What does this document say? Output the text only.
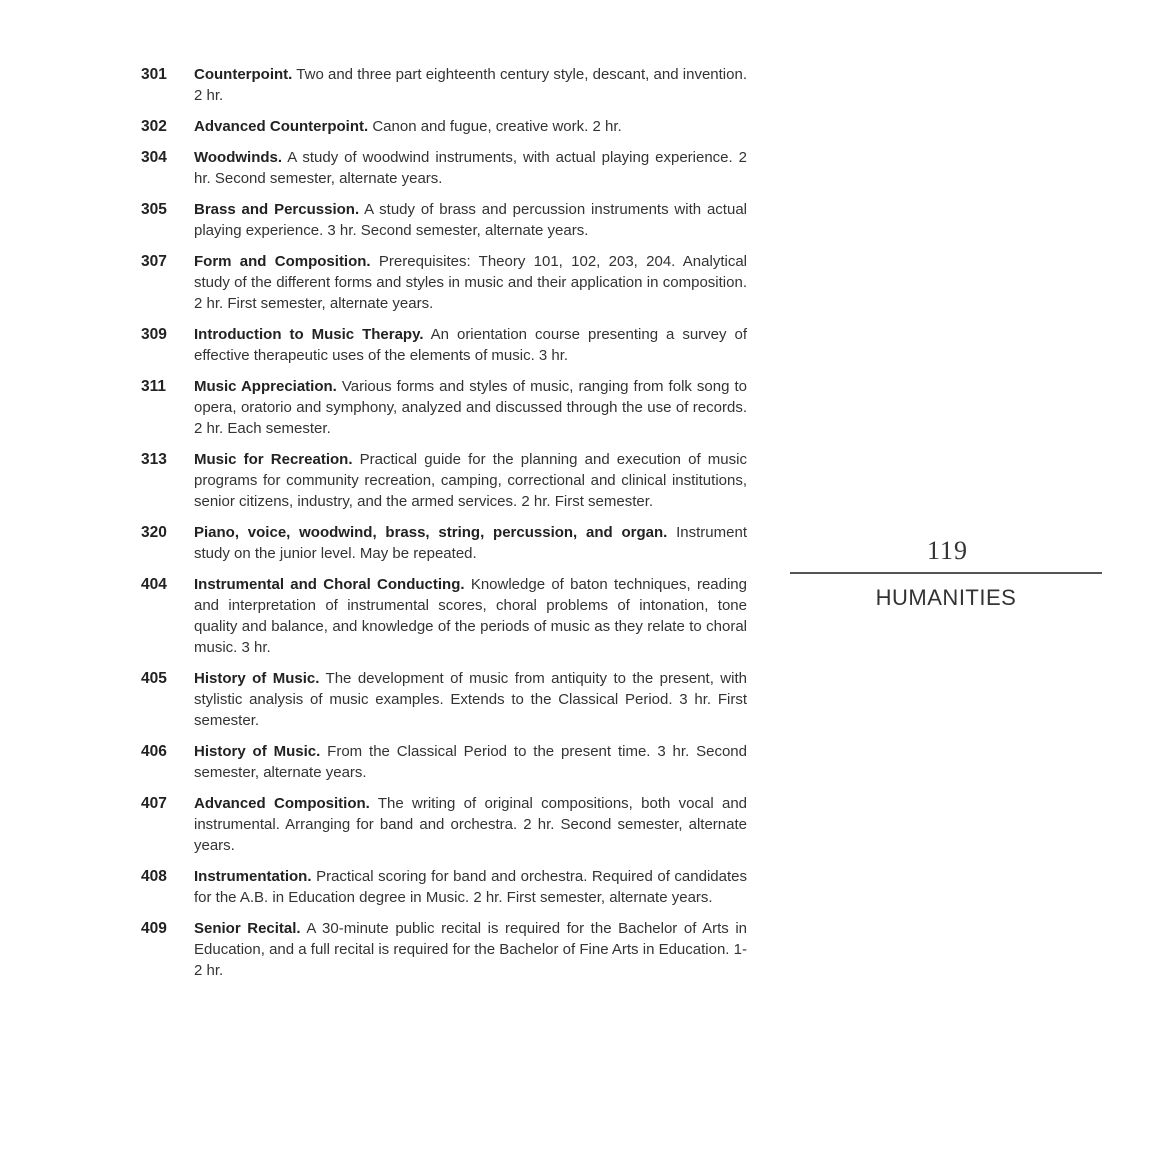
301	Counterpoint. Two and three part eighteenth century style, descant, and invention. 2 hr.

302	Advanced Counterpoint. Canon and fugue, creative work. 2 hr.

304	Woodwinds. A study of woodwind instruments, with actual playing experience. 2 hr. Second semester, alternate years.

305	Brass and Percussion. A study of brass and percussion instruments with actual playing experience. 3 hr. Second semester, alternate years.

307	Form and Composition. Prerequisites: Theory 101, 102, 203, 204. Analytical study of the different forms and styles in music and their application in composition. 2 hr. First semester, alternate years.

309	Introduction to Music Therapy. An orientation course presenting a survey of effective therapeutic uses of the elements of music. 3 hr.

311	Music Appreciation. Various forms and styles of music, ranging from folk song to opera, oratorio and symphony, analyzed and discussed through the use of records. 2 hr. Each semester.

313	Music for Recreation. Practical guide for the planning and execution of music programs for community recreation, camping, correctional and clinical institutions, senior citizens, industry, and the armed services. 2 hr. First semester.

320	Piano, voice, woodwind, brass, string, percussion, and organ. Instrument study on the junior level. May be repeated.

404	Instrumental and Choral Conducting. Knowledge of baton techniques, reading and interpretation of instrumental scores, choral problems of intonation, tone quality and balance, and knowledge of the periods of music as they relate to choral music. 3 hr.

405	History of Music. The development of music from antiquity to the present, with stylistic analysis of music examples. Extends to the Classical Period. 3 hr. First semester.

406	History of Music. From the Classical Period to the present time. 3 hr. Second semester, alternate years.

407	Advanced Composition. The writing of original compositions, both vocal and instrumental. Arranging for band and orchestra. 2 hr. Second semester, alternate years.

408	Instrumentation. Practical scoring for band and orchestra. Required of candidates for the A.B. in Education degree in Music. 2 hr. First semester, alternate years.

409	Senior Recital. A 30-minute public recital is required for the Bachelor of Arts in Education, and a full recital is required for the Bachelor of Fine Arts in Education. 1-2 hr.

119
HUMANITIES
